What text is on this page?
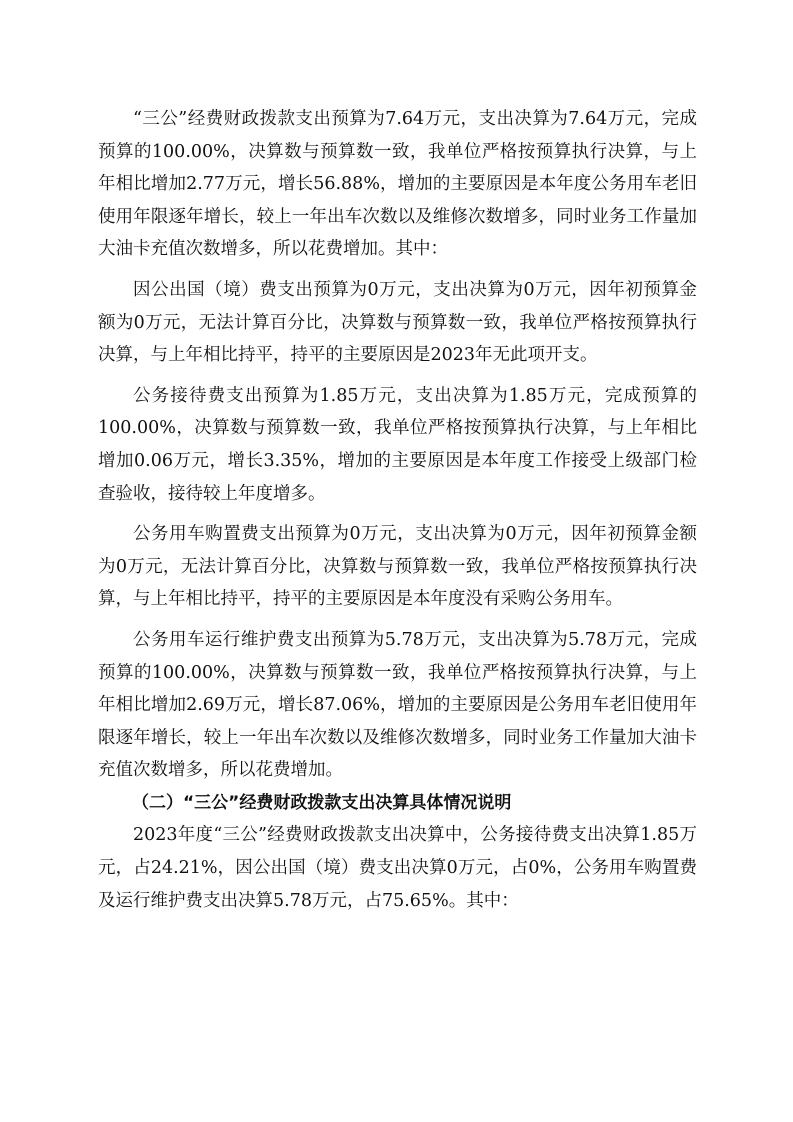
“三公”经费财政拨款支出预算为7.64万元，支出决算为7.64万元，完成预算的100.00%，决算数与预算数一致，我单位严格按预算执行决算，与上年相比增加2.77万元，增长56.88%，增加的主要原因是本年度公务用车老旧使用年限逐年增长，较上一年出车次数以及维修次数增多，同时业务工作量加大油卡充值次数增多，所以花费增加。其中：

因公出国（境）费支出预算为0万元，支出决算为0万元，因年初预算金额为0万元，无法计算百分比，决算数与预算数一致，我单位严格按预算执行决算，与上年相比持平，持平的主要原因是2023年无此项开支。

公务接待费支出预算为1.85万元，支出决算为1.85万元，完成预算的100.00%，决算数与预算数一致，我单位严格按预算执行决算，与上年相比增加0.06万元，增长3.35%，增加的主要原因是本年度工作接受上级部门检查验收，接待较上年度增多。

公务用车购置费支出预算为0万元，支出决算为0万元，因年初预算金额为0万元，无法计算百分比，决算数与预算数一致，我单位严格按预算执行决算，与上年相比持平，持平的主要原因是本年度没有采购公务用车。

公务用车运行维护费支出预算为5.78万元，支出决算为5.78万元，完成预算的100.00%，决算数与预算数一致，我单位严格按预算执行决算，与上年相比增加2.69万元，增长87.06%，增加的主要原因是公务用车老旧使用年限逐年增长，较上一年出车次数以及维修次数增多，同时业务工作量加大油卡充值次数增多，所以花费增加。

（二）“三公”经费财政拨款支出决算具体情况说明

2023年度“三公”经费财政拨款支出决算中，公务接待费支出决算1.85万元，占24.21%，因公出国（境）费支出决算0万元，占0%，公务用车购置费及运行维护费支出决算5.78万元，占75.65%。其中：
